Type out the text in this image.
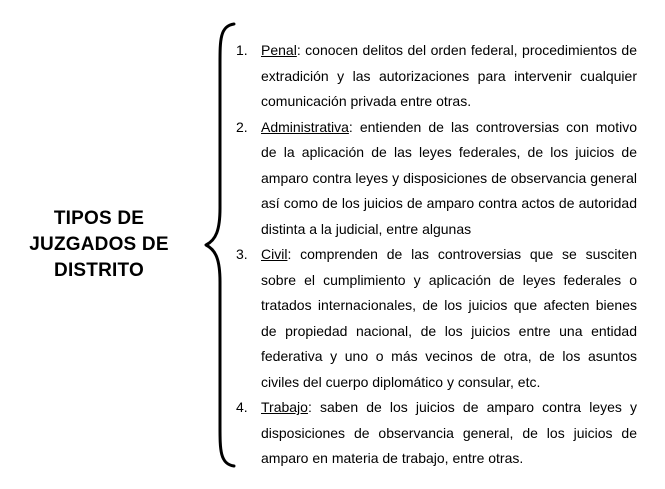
TIPOS DE
JUZGADOS DE
DISTRITO
1. Penal: conocen delitos del orden federal, procedimientos de extradición y las autorizaciones para intervenir cualquier comunicación privada entre otras.
2. Administrativa: entienden de las controversias con motivo de la aplicación de las leyes federales, de los juicios de amparo contra leyes y disposiciones de observancia general así como de los juicios de amparo contra actos de autoridad distinta a la judicial, entre algunas
3. Civil: comprenden de las controversias que se susciten sobre el cumplimiento y aplicación de leyes federales o tratados internacionales, de los juicios que afecten bienes de propiedad nacional, de los juicios entre una entidad federativa y uno o más vecinos de otra, de los asuntos civiles del cuerpo diplomático y consular, etc.
4. Trabajo: saben de los juicios de amparo contra leyes y disposiciones de observancia general, de los juicios de amparo en materia de trabajo, entre otras.
